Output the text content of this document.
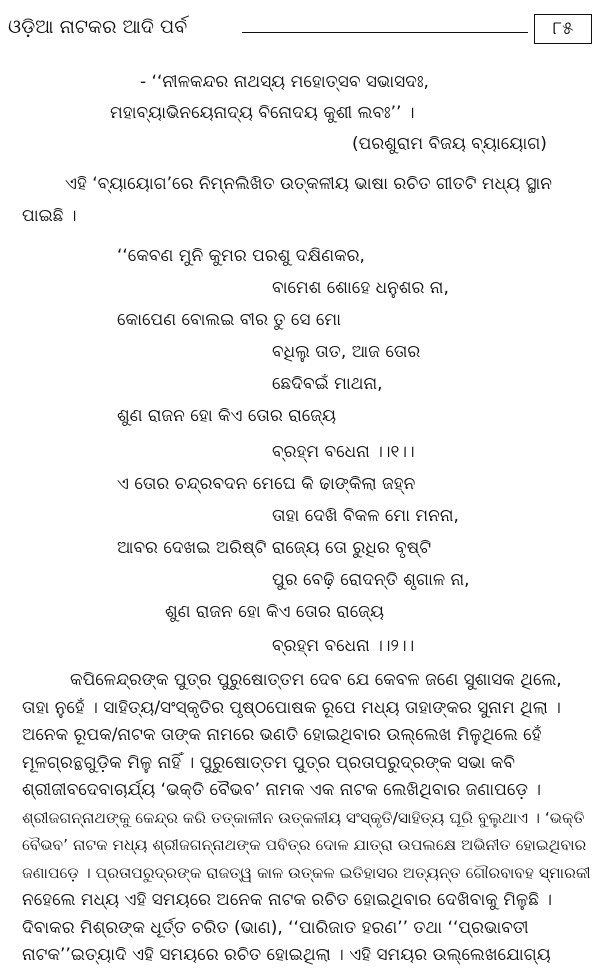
ଓଡ଼ିଆ ନାଟକର ଆଦି ପର୍ବ	୮୫
- ‘‘ନୀଳକନ୍ଦର ନାଥସ୍ୟ ମହୋତ୍ସବ ସଭାସଦଃ,
ମହାବ୍ୟାଭିନୟେନାଦ୍ୟ ବିନୋଦୟ କୁଶୀ ଲବଃ’’ ।
(ପରଶୁରାମ ବିଜୟ ବ୍ୟାୟୋଗ)
ଏହି ‘ବ୍ୟାୟୋଗ’ରେ ନିମ୍ନଲିଖିତ ଉତ୍କଳୀୟ ଭାଷା ରଚିତ ଗୀତଟି ମଧ୍ୟ ସ୍ଥାନ
ପାଇଛି ।
‘‘କେବଣ ମୁନି କୁମର ପରଶୁ ଦକ୍ଷିଣକର,
ବାମେଶ ଶୋହେ ଧନୁଶର ନା,
କୋପେଣ ବୋଲଇ ବୀର ତୁ ସେ ମୋ
ବଧିଲୁ ତାତ, ଆଜ ତୋର
ଛେଦିବଇଁ ମାଥନା,
ଶୁଣ ରାଜନ ହୋ କିଏ ତୋର ରାଜ୍ୟେ
ବ୍ରହ୍ମ ବଧେନା ।।୧।।
ଏ ତୋର ଚନ୍ଦ୍ରବଦନ ମେଘେ କି ଢାଙ୍କିଲା ଜହ୍ନ
ତାହା ଦେଖି ବିକଳ ମୋ ମନନା,
ଆବର ଦେଖଇ ଅରିଷ୍ଟି ରାଜ୍ୟେ ତୋ ରୁଧିର ବୃଷ୍ଟି
ପୁର ବେଢ଼ି ରୋଦନ୍ତି ଶୃଗାଳ ନା,
ଶୁଣ ରାଜନ ହୋ କିଏ ତୋର ରାଜ୍ୟେ
ବ୍ରହ୍ମ ବଧେନା ।।୨।।
କପିଳେନ୍ଦ୍ରଙ୍କ ପୁତ୍ର ପୁରୁଷୋତ୍ତମ ଦେବ ଯେ କେବଳ ଜଣେ ସୁଶାସକ ଥିଲେ,
ତାହା ନୁହେଁ । ସାହିତ୍ୟ/ସଂସ୍କୃତିର ପୃଷ୍ଠପୋଷକ ରୂପେ ମଧ୍ୟ ତାହାଙ୍କର ସୁନାମ ଥିଲା ।
ଅନେକ ରୂପକ/ନାଟକ ତାଙ୍କ ନାମରେ ଭଣତି ହୋଇଥିବାର ଉଲ୍ଲେଖ ମିଳୁଥିଲେ ହେଁ
ମୂଳଗ୍ରନ୍ଥଗୁଡ଼ିକ ମିଳୁ ନାହିଁ । ପୁରୁଷୋତ୍ତମ ପୁତ୍ର ପ୍ରତାପରୁଦ୍ରଙ୍କ ସଭା କବି
ଶ୍ରୀଜୀବଦେବାଚାର୍ଯ୍ୟ ‘ଭକ୍ତି ବୈଭବ’ ନାମକ ଏକ ନାଟକ ଲେଖିଥିବାର ଜଣାପଡ଼େ ।
ଶ୍ରୀଜଗନ୍ନାଥଙ୍କୁ କେନ୍ଦ୍ର କରି ତତ୍କାଳୀନ ଉତ୍କଳୀୟ ସଂସ୍କୃତି/ସାହିତ୍ୟ ଘୂରି ବୁଲୁଥାଏ । ‘ଭକ୍ତି
ବୈଭବ’ ନାଟକ ମଧ୍ୟ ଶ୍ରୀଜଗନ୍ନାଥଙ୍କ ପବିତ୍ର ଦୋଳ ଯାତ୍ରା ଉପଲକ୍ଷେ ଅଭିନୀତ ହୋଇଥିବାର
ଜଣାପଡ଼େ । ପ୍ରତାପରୁଦ୍ରଙ୍କ ରାଜତ୍ୱ କାଳ ଉତ୍କଳ ଇତିହାସର ଅତ୍ୟନ୍ତ ଗୌରବାବହ ସ୍ମାରକୀ
ନହେଲେ ମଧ୍ୟ ଏହି ସମୟରେ ଅନେକ ନାଟକ ରଚିତ ହୋଇଥିବାର ଦେଖିବାକୁ ମିଳୁଛି ।
ଦିବାକର ମିଶ୍ରଙ୍କ ଧୂର୍ତ୍ତ ଚରିତ (ଭାଣ), ‘‘ପାରିଜାତ ହରଣ’’ ତଥା ‘‘ପ୍ରଭାବତୀ
ନାଟକ’’ଇତ୍ୟାଦି ଏହି ସମୟରେ ରଚିତ ହୋଇଥିଲା । ଏହି ସମୟର ଉଲ୍ଲେଖଯୋଗ୍ୟ
